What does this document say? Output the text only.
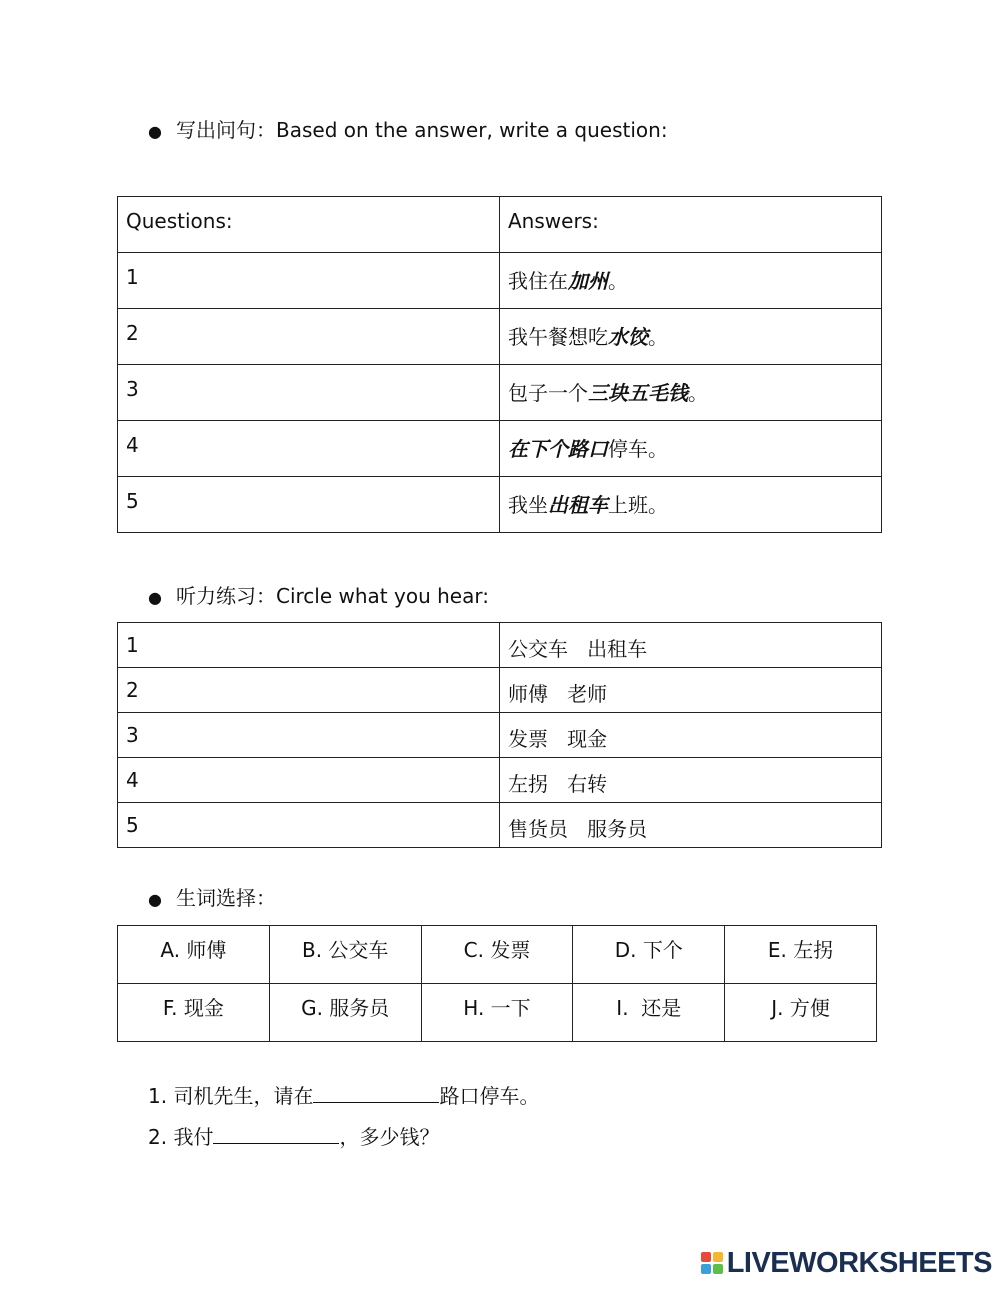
● 写出问句：Based on the answer, write a question:
Questions:	Answers:
1	我住在加州。
2	我午餐想吃水饺。
3	包子一个三块五毛钱。
4	在下个路口停车。
5	我坐出租车上班。
● 听力练习：Circle what you hear:
1	公交车   出租车
2	师傅   老师
3	发票   现金
4	左拐   右转
5	售货员   服务员
● 生词选择：
A. 师傅	B. 公交车	C. 发票	D. 下个	E. 左拐
F. 现金	G. 服务员	H. 一下	I.  还是	J. 方便
1. 司机先生，请在	路口停车。
2. 我付	，多少钱？
LIVEWORKSHEETS
